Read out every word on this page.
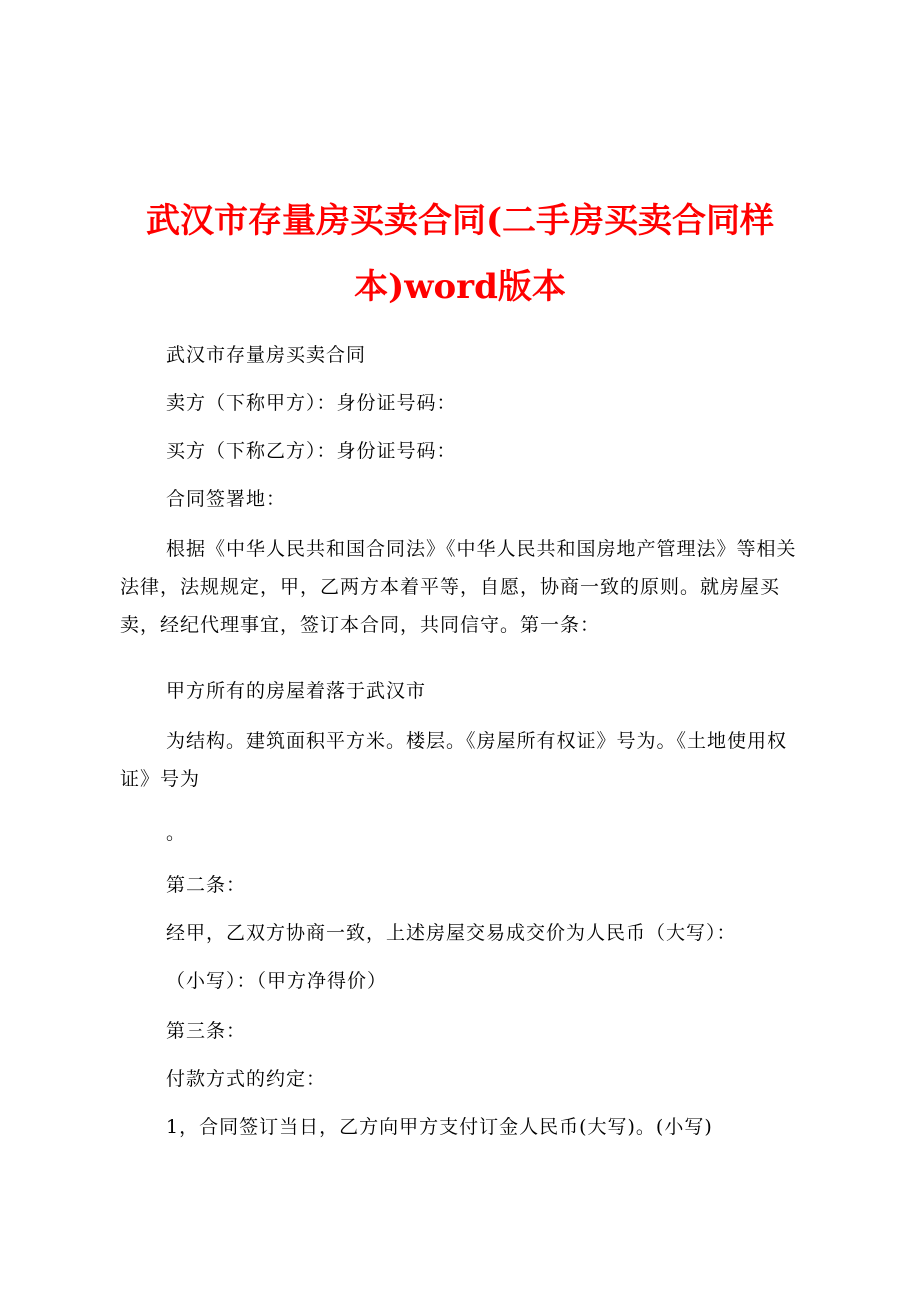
武汉市存量房买卖合同(二手房买卖合同样
本)word版本

武汉市存量房买卖合同

卖方（下称甲方）：身份证号码：

买方（下称乙方）：身份证号码：

合同签署地：

根据《中华人民共和国合同法》《中华人民共和国房地产管理法》等相关法律，法规规定，甲，乙两方本着平等，自愿，协商一致的原则。就房屋买卖，经纪代理事宜，签订本合同，共同信守。第一条：

甲方所有的房屋着落于武汉市

为结构。建筑面积平方米。楼层。《房屋所有权证》号为。《土地使用权证》号为

。

第二条：

经甲，乙双方协商一致，上述房屋交易成交价为人民币（大写）：

（小写）：（甲方净得价）

第三条：

付款方式的约定：

1，合同签订当日，乙方向甲方支付订金人民币(大写)。(小写)
